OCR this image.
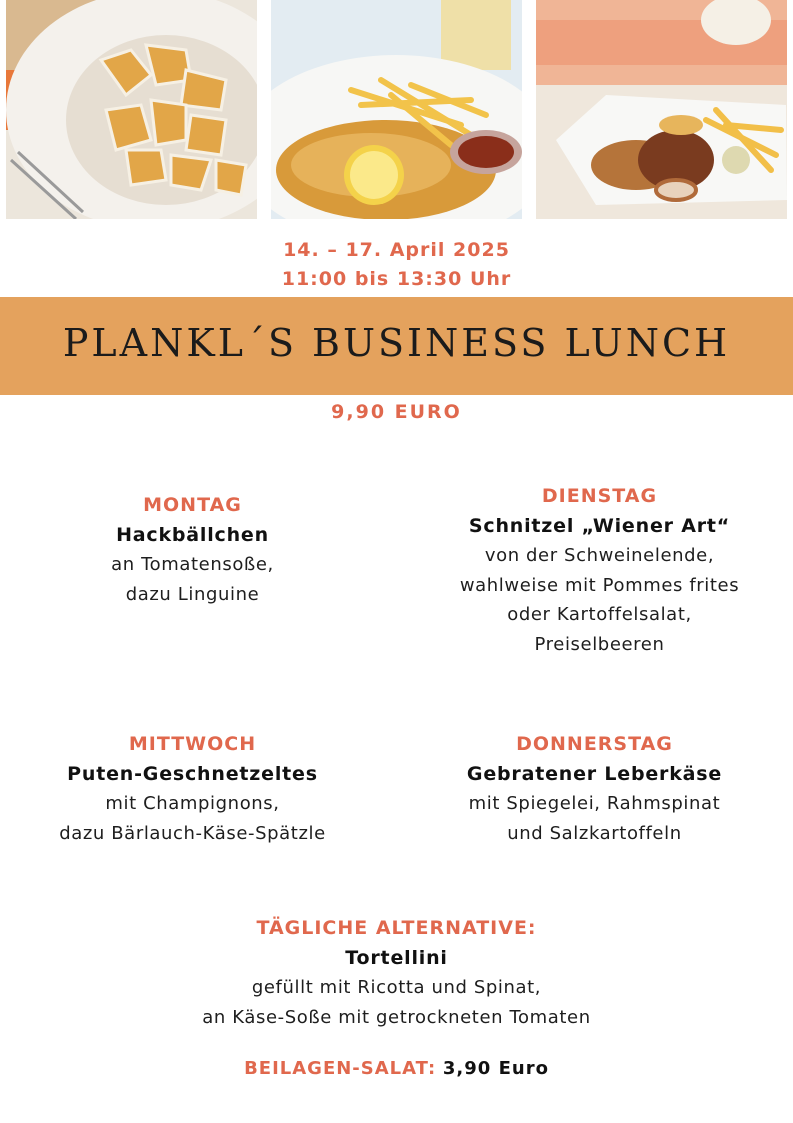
14. – 17. April 2025
11:00 bis 13:30 Uhr
PLANKL´S BUSINESS LUNCH
9,90 EURO
MONTAG
Hackbällchen
an Tomatensoße,
dazu Linguine
DIENSTAG
Schnitzel „Wiener Art“
von der Schweinelende,
wahlweise mit Pommes frites
oder Kartoffelsalat,
Preiselbeeren
MITTWOCH
Puten-Geschnetzeltes
mit Champignons,
dazu Bärlauch-Käse-Spätzle
DONNERSTAG
Gebratener Leberkäse
mit Spiegelei, Rahmspinat
und Salzkartoffeln
TÄGLICHE ALTERNATIVE:
Tortellini
gefüllt mit Ricotta und Spinat,
an Käse-Soße mit getrockneten Tomaten
BEILAGEN-SALAT: 3,90 Euro
